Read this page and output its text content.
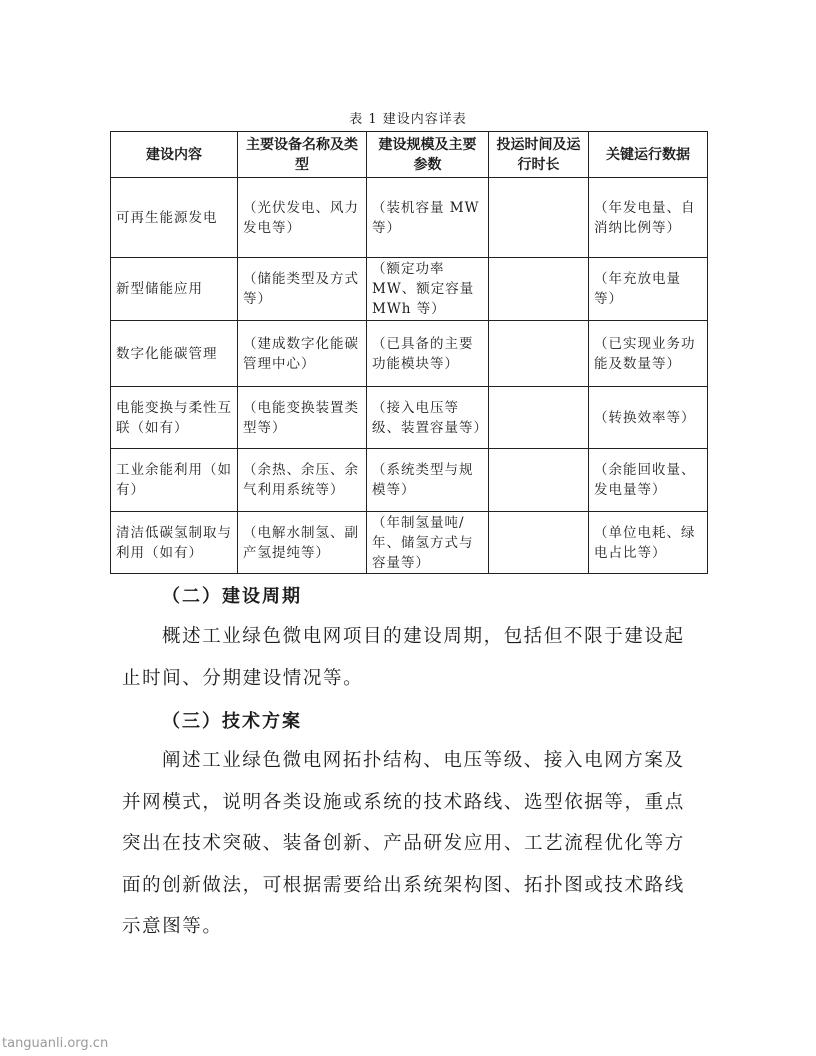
表 1 建设内容详表
建设内容	主要设备名称及类型	建设规模及主要参数	投运时间及运行时长	关键运行数据
可再生能源发电	（光伏发电、风力发电等）	（装机容量 MW 等）		（年发电量、自消纳比例等）
新型储能应用	（储能类型及方式等）	（额定功率 MW、额定容量 MWh 等）		（年充放电量等）
数字化能碳管理	（建成数字化能碳管理中心）	（已具备的主要功能模块等）		（已实现业务功能及数量等）
电能变换与柔性互联（如有）	（电能变换装置类型等）	（接入电压等级、装置容量等）		（转换效率等）
工业余能利用（如有）	（余热、余压、余气利用系统等）	（系统类型与规模等）		（余能回收量、发电量等）
清洁低碳氢制取与利用（如有）	（电解水制氢、副产氢提纯等）	（年制氢量吨/年、储氢方式与容量等）		（单位电耗、绿电占比等）
（二）建设周期
概述工业绿色微电网项目的建设周期，包括但不限于建设起止时间、分期建设情况等。
（三）技术方案
阐述工业绿色微电网拓扑结构、电压等级、接入电网方案及并网模式，说明各类设施或系统的技术路线、选型依据等，重点突出在技术突破、装备创新、产品研发应用、工艺流程优化等方面的创新做法，可根据需要给出系统架构图、拓扑图或技术路线示意图等。
tanguanli.org.cn
